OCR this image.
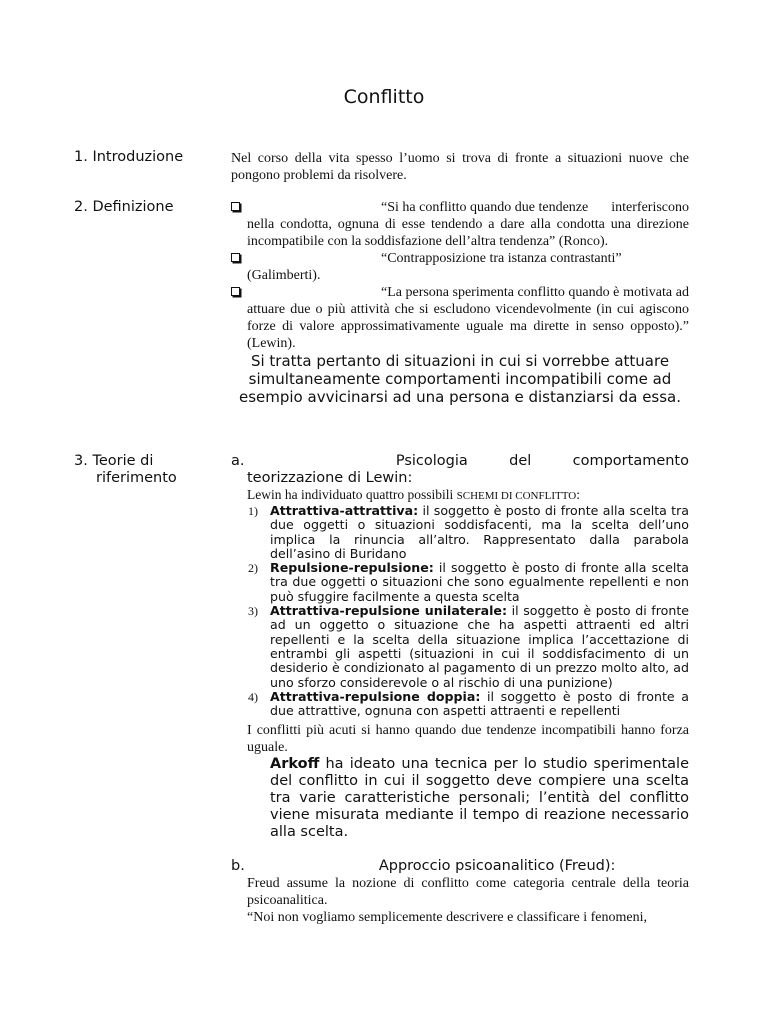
Conflitto
1. Introduzione	Nel corso della vita spesso l’uomo si trova di fronte a situazioni nuove che pongono problemi da risolvere.

2. Definizione	“Si ha conflitto quando due tendenze interferiscono nella condotta, ognuna di esse tendendo a dare alla condotta una direzione incompatibile con la soddisfazione dell’altra tendenza” (Ronco).

“Contrapposizione tra istanza contrastanti” (Galimberti).

“La persona sperimenta conflitto quando è motivata ad attuare due o più attività che si escludono vicendevolmente (in cui agiscono forze di valore approssimativamente uguale ma dirette in senso opposto).” (Lewin).

Si tratta pertanto di situazioni in cui si vorrebbe attuare simultaneamente comportamenti incompatibili come ad esempio avvicinarsi ad una persona e distanziarsi da essa.

3. Teorie di
riferimento
a.	Psicologia	del	comportamento
teorizzazione di Lewin:

Lewin ha individuato quattro possibili SCHEMI DI CONFLITTO:

1) Attrattiva-attrattiva: il soggetto è posto di fronte alla scelta tra due oggetti o situazioni soddisfacenti, ma la scelta dell’uno implica la rinuncia all’altro. Rappresentato dalla parabola dell’asino di Buridano
2) Repulsione-repulsione: il soggetto è posto di fronte alla scelta tra due oggetti o situazioni che sono egualmente repellenti e non può sfuggire facilmente a questa scelta
3) Attrattiva-repulsione unilaterale: il soggetto è posto di fronte ad un oggetto o situazione che ha aspetti attraenti ed altri repellenti e la scelta della situazione implica l’accettazione di entrambi gli aspetti (situazioni in cui il soddisfacimento di un desiderio è condizionato al pagamento di un prezzo molto alto, ad uno sforzo considerevole o al rischio di una punizione)
4) Attrattiva-repulsione doppia: il soggetto è posto di fronte a due attrattive, ognuna con aspetti attraenti e repellenti

I conflitti più acuti si hanno quando due tendenze incompatibili hanno forza uguale.

Arkoff ha ideato una tecnica per lo studio sperimentale del conflitto in cui il soggetto deve compiere una scelta tra varie caratteristiche personali; l’entità del conflitto viene misurata mediante il tempo di reazione necessario alla scelta.
b.	Approccio psicoanalitico (Freud):

Freud assume la nozione di conflitto come categoria centrale della teoria psicoanalitica.

“Noi non vogliamo semplicemente descrivere e classificare i fenomeni,
